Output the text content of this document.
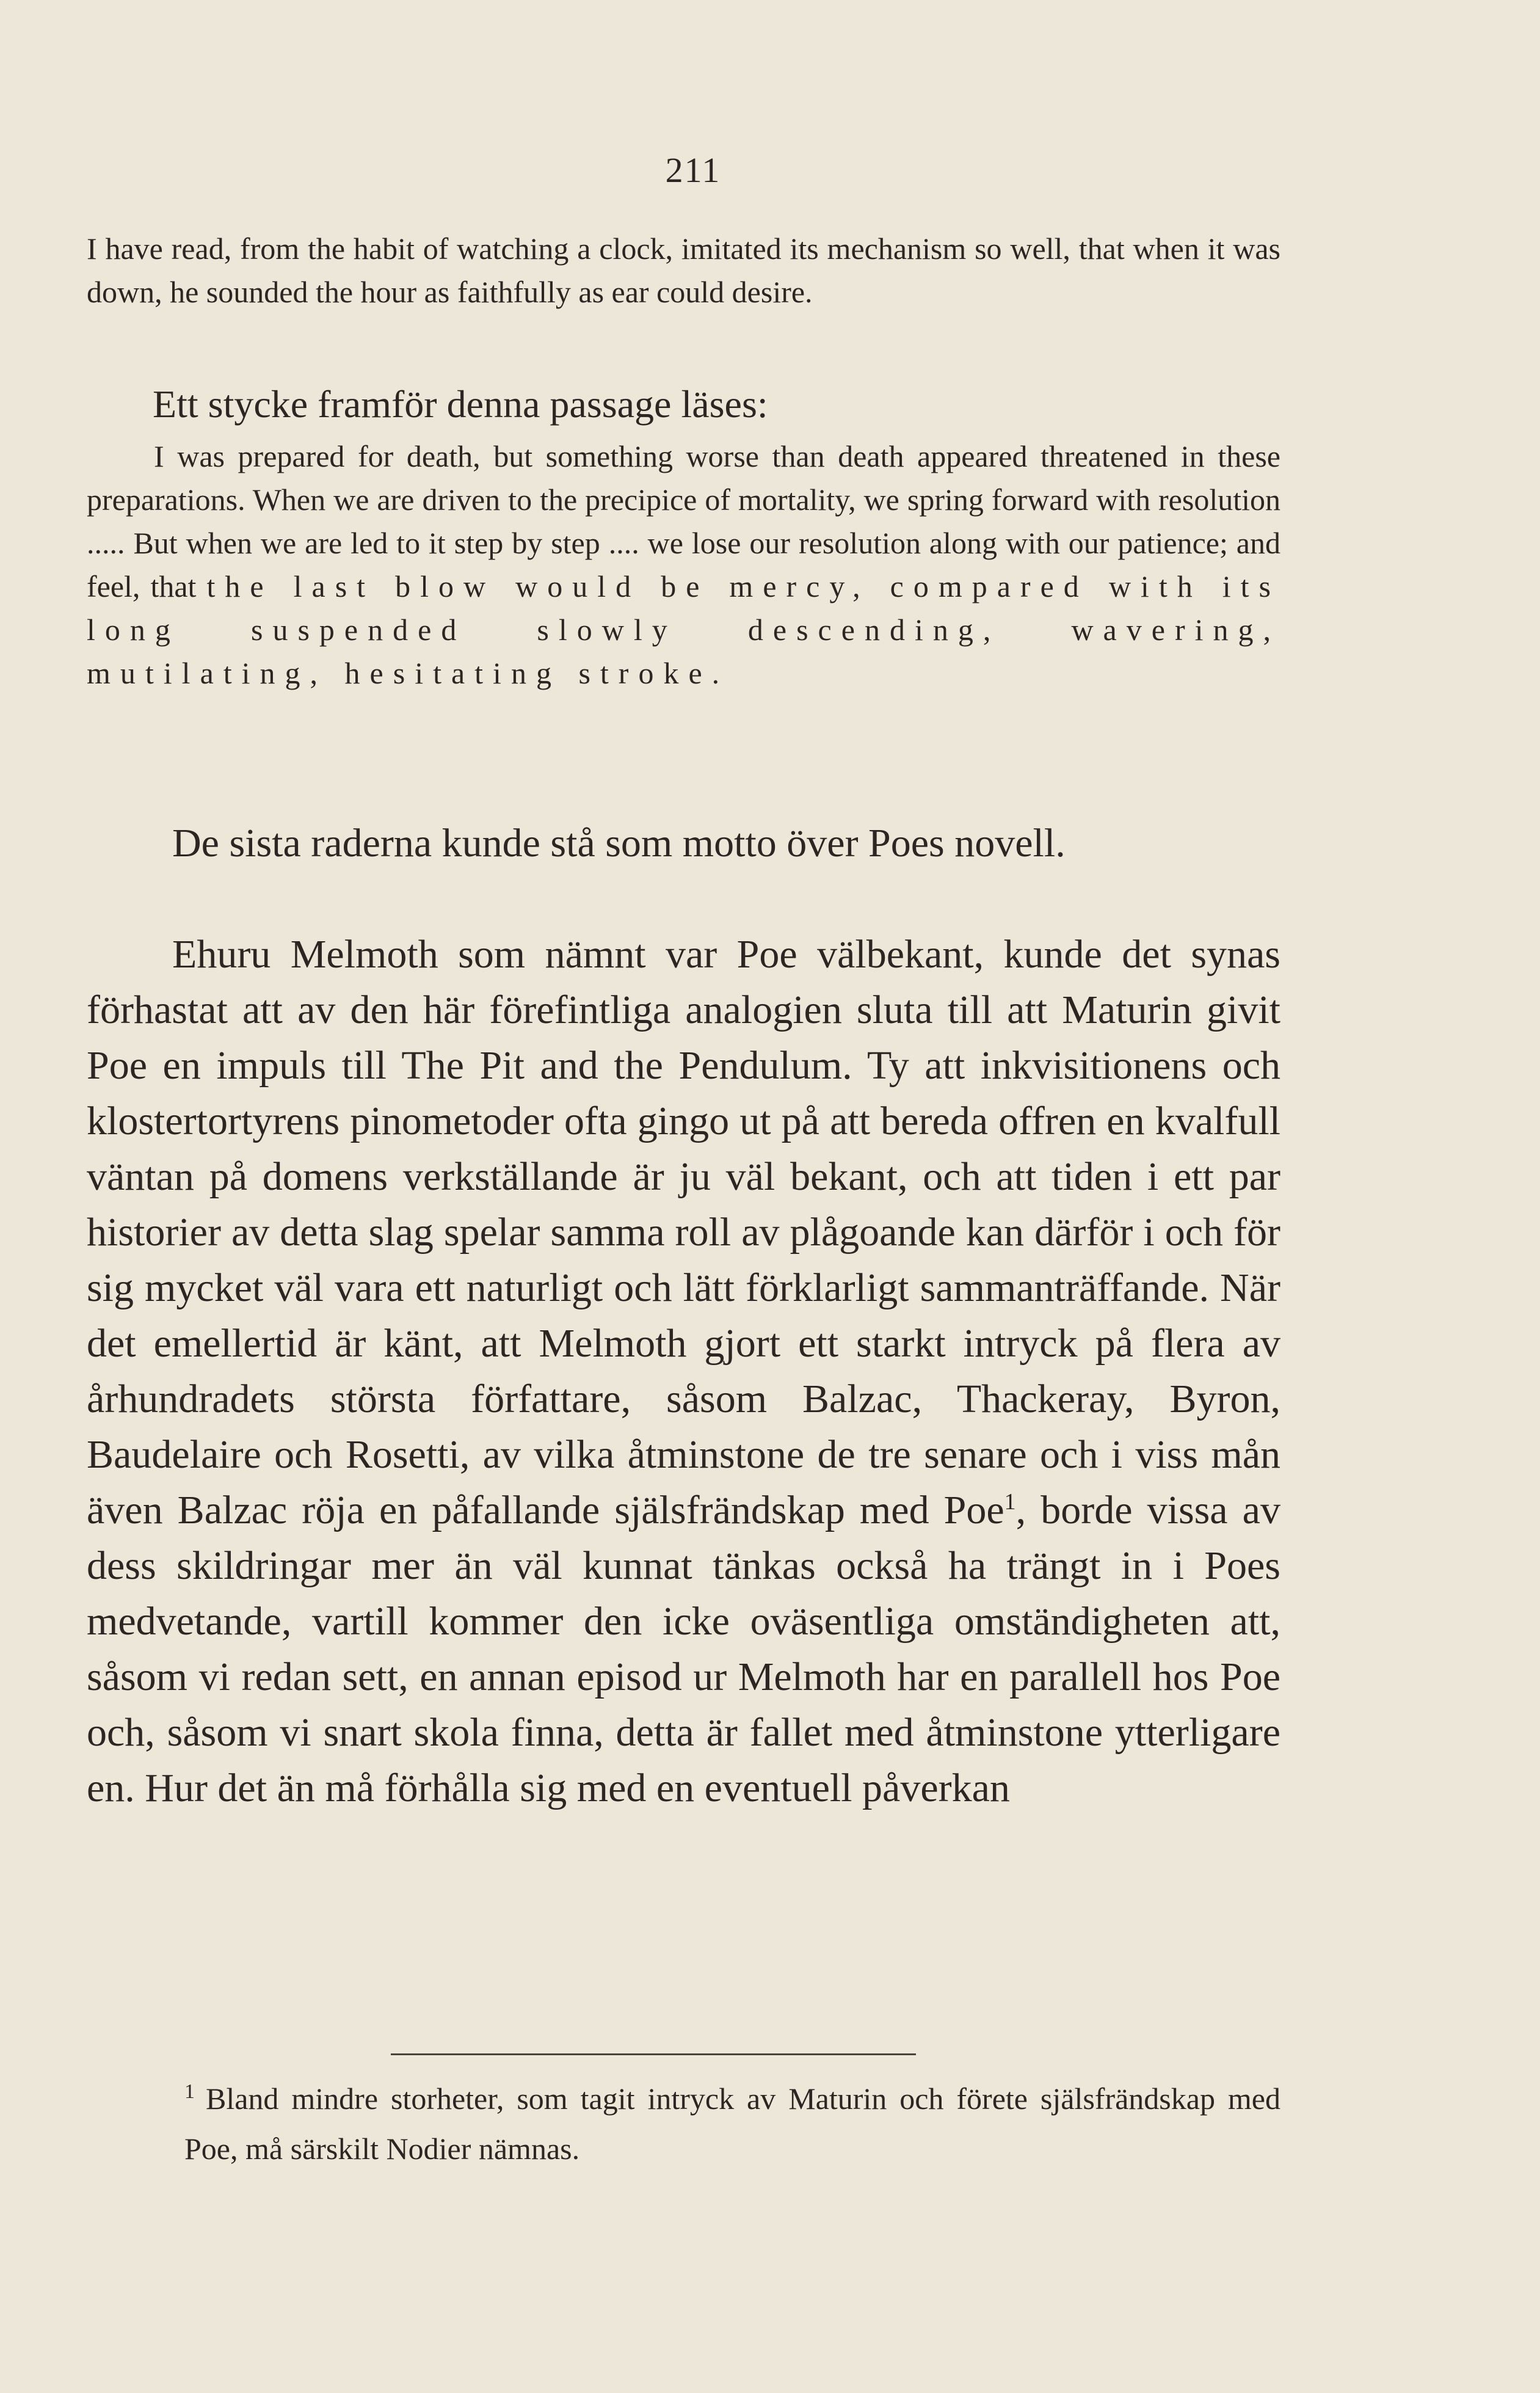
211

I have read, from the habit of watching a clock, imitated its mechanism so well, that when it was down, he sounded the hour as faithfully as ear could desire.

Ett stycke framför denna passage läses:

I was prepared for death, but something worse than death appeared threatened in these preparations. When we are driven to the precipice of mortality, we spring forward with resolution ..... But when we are led to it step by step .... we lose our resolution along with our patience; and feel, that the last blow would be mercy, compared with its long suspended slowly descending, wavering, mutilating, hesitating stroke.

De sista raderna kunde stå som motto över Poes novell.

Ehuru Melmoth som nämnt var Poe välbekant, kunde det synas förhastat att av den här förefintliga analogien sluta till att Maturin givit Poe en impuls till The Pit and the Pendulum. Ty att inkvisitionens och klostertortyrens pinometoder ofta gingo ut på att bereda offren en kvalfull väntan på domens verkställande är ju väl bekant, och att tiden i ett par historier av detta slag spelar samma roll av plågoande kan därför i och för sig mycket väl vara ett naturligt och lätt förklarligt sammanträffande. När det emellertid är känt, att Melmoth gjort ett starkt intryck på flera av århundradets största författare, såsom Balzac, Thackeray, Byron, Baudelaire och Rosetti, av vilka åtminstone de tre senare och i viss mån även Balzac röja en påfallande själsfrändskap med Poe$^1$, borde vissa av dess skildringar mer än väl kunnat tänkas också ha trängt in i Poes medvetande, vartill kommer den icke oväsentliga omständigheten att, såsom vi redan sett, en annan episod ur Melmoth har en parallell hos Poe och, såsom vi snart skola finna, detta är fallet med åtminstone ytterligare en. Hur det än må förhålla sig med en eventuell påverkan

$^1$ Bland mindre storheter, som tagit intryck av Maturin och förete själsfrändskap med Poe, må särskilt Nodier nämnas.
